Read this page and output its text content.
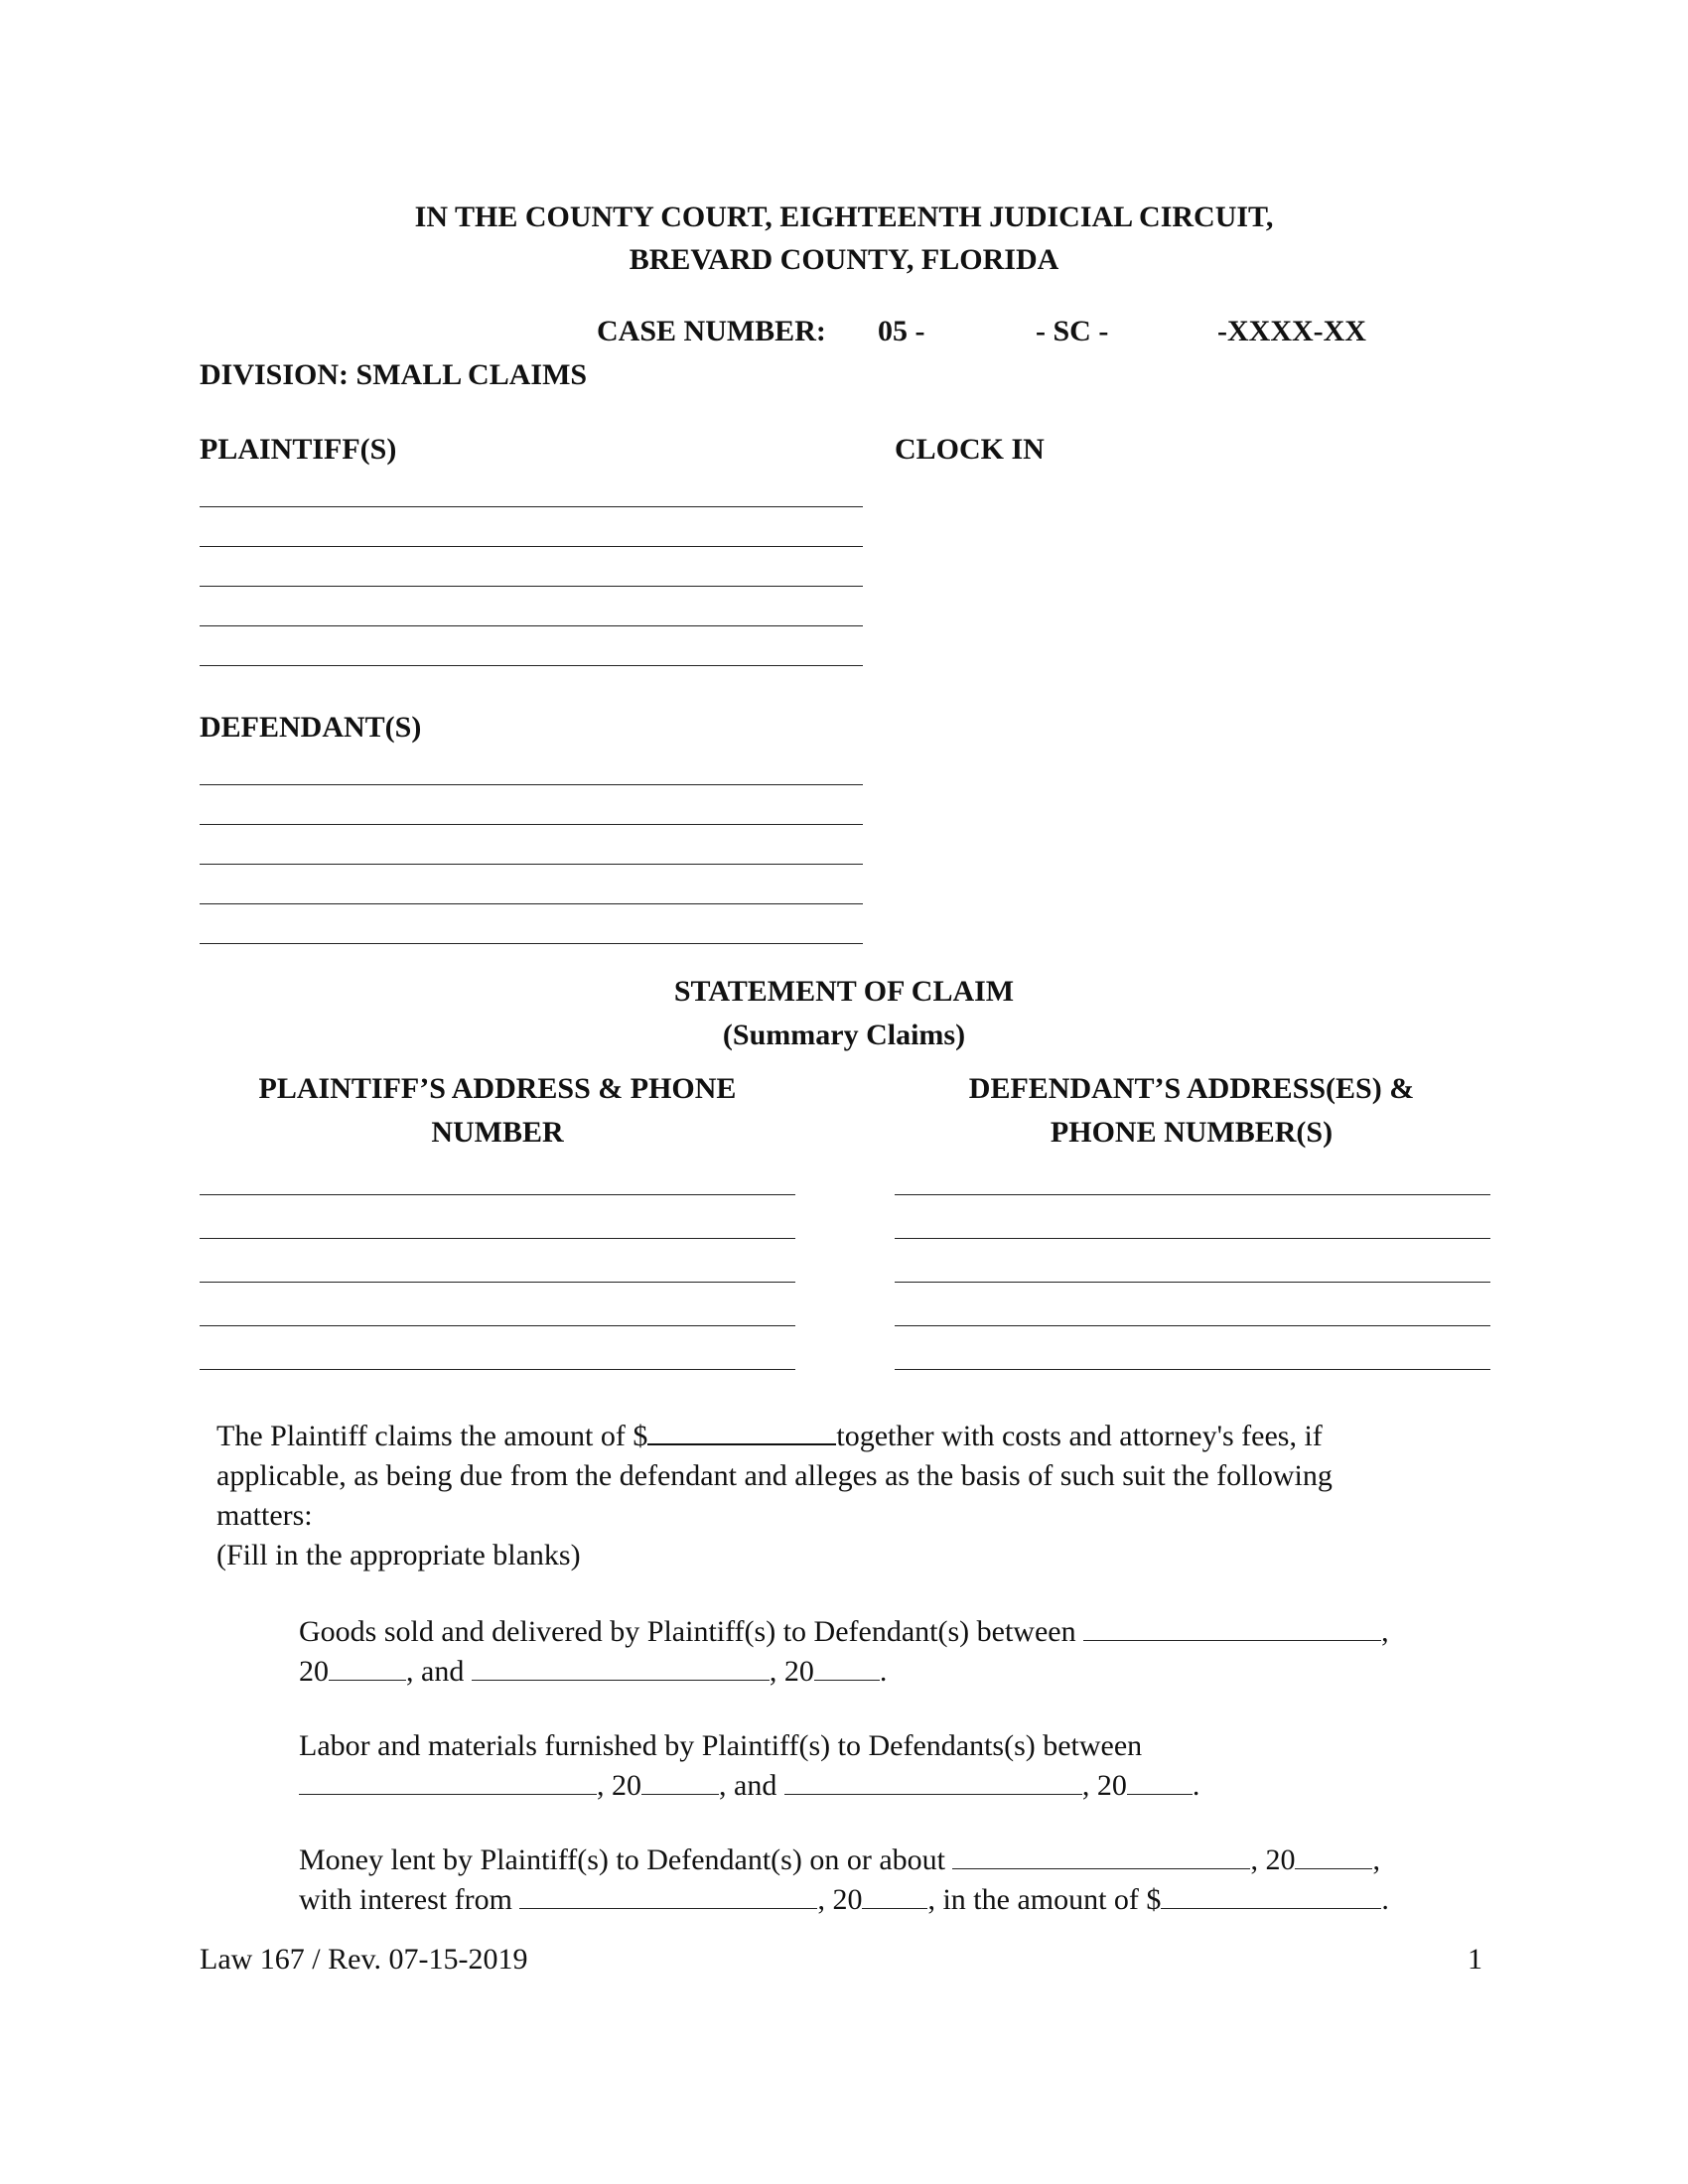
IN THE COUNTY COURT, EIGHTEENTH JUDICIAL CIRCUIT,
BREVARD COUNTY, FLORIDA
CASE NUMBER: 05 -	- SC -	-XXXX-XX
DIVISION: SMALL CLAIMS
PLAINTIFF(S)	CLOCK IN
DEFENDANT(S)
STATEMENT OF CLAIM
(Summary Claims)
PLAINTIFF’S ADDRESS & PHONE
NUMBER
DEFENDANT’S ADDRESS(ES) &
PHONE NUMBER(S)
The Plaintiff claims the amount of $	together with costs and attorney's fees, if
applicable, as being due from the defendant and alleges as the basis of such suit the following
matters:
(Fill in the appropriate blanks)
Goods sold and delivered by Plaintiff(s) to Defendant(s) between	,
20	, and	, 20 .
Labor and materials furnished by Plaintiff(s) to Defendants(s) between
, 20	, and	, 20 .
Money lent by Plaintiff(s) to Defendant(s) on or about	, 20	,
with interest from	, 20 , in the amount of $	.
Law 167 / Rev. 07-15-2019	1
